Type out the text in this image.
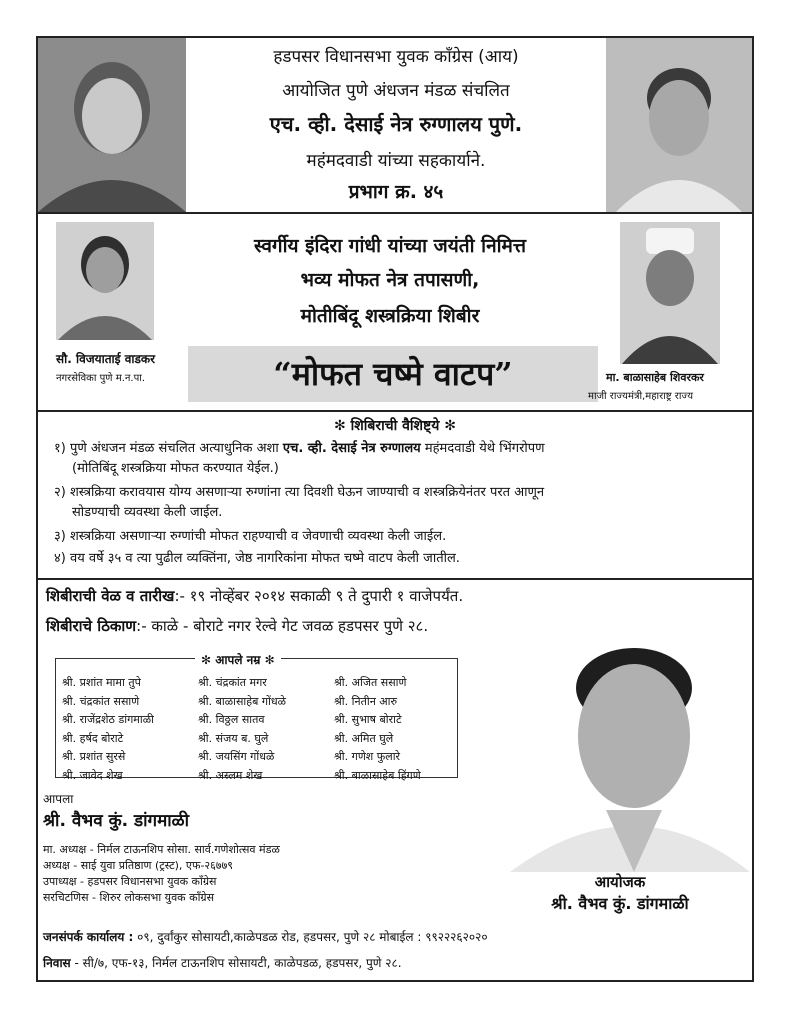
हडपसर विधानसभा युवक कॉंग्रेस (आय)
आयोजित पुणे अंधजन मंडळ संचलित
एच. व्ही. देसाई नेत्र रुग्णालय पुणे.
महंमदवाडी यांच्या सहकार्याने.
प्रभाग क्र. ४५
स्वर्गीय इंदिरा गांधी यांच्या जयंती निमित्त
भव्य मोफत नेत्र तपासणी,
मोतीबिंदू शस्त्रक्रिया शिबीर
“मोफत चष्मे वाटप”
सौ. विजयाताई वाडकर
नगरसेविका पुणे म.न.पा.	मा. बाळासाहेब शिवरकर
माजी राज्यमंत्री,महाराष्ट्र राज्य
✻ शिबिराची वैशिष्ट्ये ✻
१) पुणे अंधजन मंडळ संचलित अत्याधुनिक अशा एच. व्ही. देसाई नेत्र रुग्णालय महंमदवाडी येथे भिंगरोपण
(मोतिबिंदू शस्त्रक्रिया मोफत करण्यात येईल.)
२) शस्त्रक्रिया करावयास योग्य असणाऱ्या रुग्णांना त्या दिवशी घेऊन जाण्याची व शस्त्रक्रियेनंतर परत आणून
सोडण्याची व्यवस्था केली जाईल.
३) शस्त्रक्रिया असणाऱ्या रुग्णांची मोफत राहण्याची व जेवणाची व्यवस्था केली जाईल.
४) वय वर्षे ३५ व त्या पुढील व्यक्तिंना, जेष्ठ नागरिकांना मोफत चष्मे वाटप केली जातील.
शिबीराची वेळ व तारीख:- १९ नोव्हेंबर २०१४ सकाळी ९ ते दुपारी १ वाजेपर्यंत.
शिबीराचे ठिकाण:- काळे - बोराटे नगर रेल्वे गेट जवळ हडपसर पुणे २८.
✻ आपले नम्र ✻
श्री. प्रशांत मामा तुपे
श्री. चंद्रकांत ससाणे
श्री. राजेंद्रशेठ डांगमाळी
श्री. हर्षद बोराटे
श्री. प्रशांत सुरसे
श्री. जावेद शेख
श्री. चंद्रकांत मगर
श्री. बाळासाहेब गोंधळे
श्री. विठ्ठल सातव
श्री. संजय ब. घुले
श्री. जयसिंग गोंधळे
श्री. अस्लम शेख
श्री. अजित ससाणे
श्री. नितीन आरु
श्री. सुभाष बोराटे
श्री. अमित घुले
श्री. गणेश फुलारे
श्री. बाळासाहेब हिंगणे
आपला
श्री. वैभव कुं. डांगमाळी
मा. अध्यक्ष - निर्मल टाऊनशिप सोसा. सार्व.गणेशोत्सव मंडळ
अध्यक्ष - साई युवा प्रतिष्ठाण (ट्रस्ट), एफ-२६७७९
उपाध्यक्ष - हडपसर विधानसभा युवक कॉंग्रेस
सरचिटणिस - शिरुर लोकसभा युवक कॉंग्रेस
आयोजक
श्री. वैभव कुं. डांगमाळी
जनसंपर्क कार्यालय : ०९, दुर्वांकुर सोसायटी,काळेपडळ रोड, हडपसर, पुणे २८ मोबाईल : ९९२२२६२०२०
निवास - सी/७, एफ-१३, निर्मल टाऊनशिप सोसायटी, काळेपडळ, हडपसर, पुणे २८.
